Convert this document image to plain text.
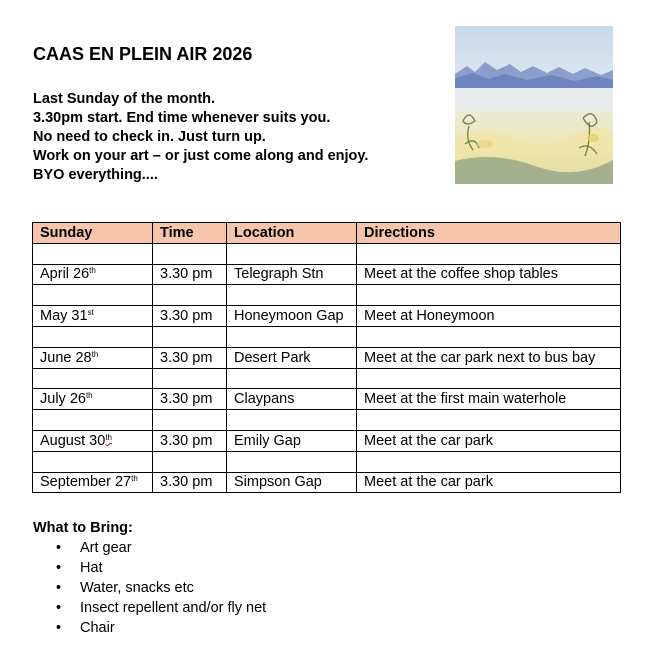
CAAS EN PLEIN AIR 2026
Last Sunday of the month.
3.30pm start. End time whenever suits you.
No need to check in. Just turn up.
Work on your art – or just come along and enjoy.
BYO everything....
Sunday	Time	Location	Directions

April 26th	3.30 pm	Telegraph Stn	Meet at the coffee shop tables

May 31st	3.30 pm	Honeymoon Gap	Meet at Honeymoon

June 28th	3.30 pm	Desert Park	Meet at the car park next to bus bay

July 26th	3.30 pm	Claypans	Meet at the first main waterhole

August 30th	3.30 pm	Emily Gap	Meet at the car park

September 27th	3.30 pm	Simpson Gap	Meet at the car park

What to Bring:

• Art gear
• Hat
• Water, snacks etc
• Insect repellent and/or fly net
• Chair
